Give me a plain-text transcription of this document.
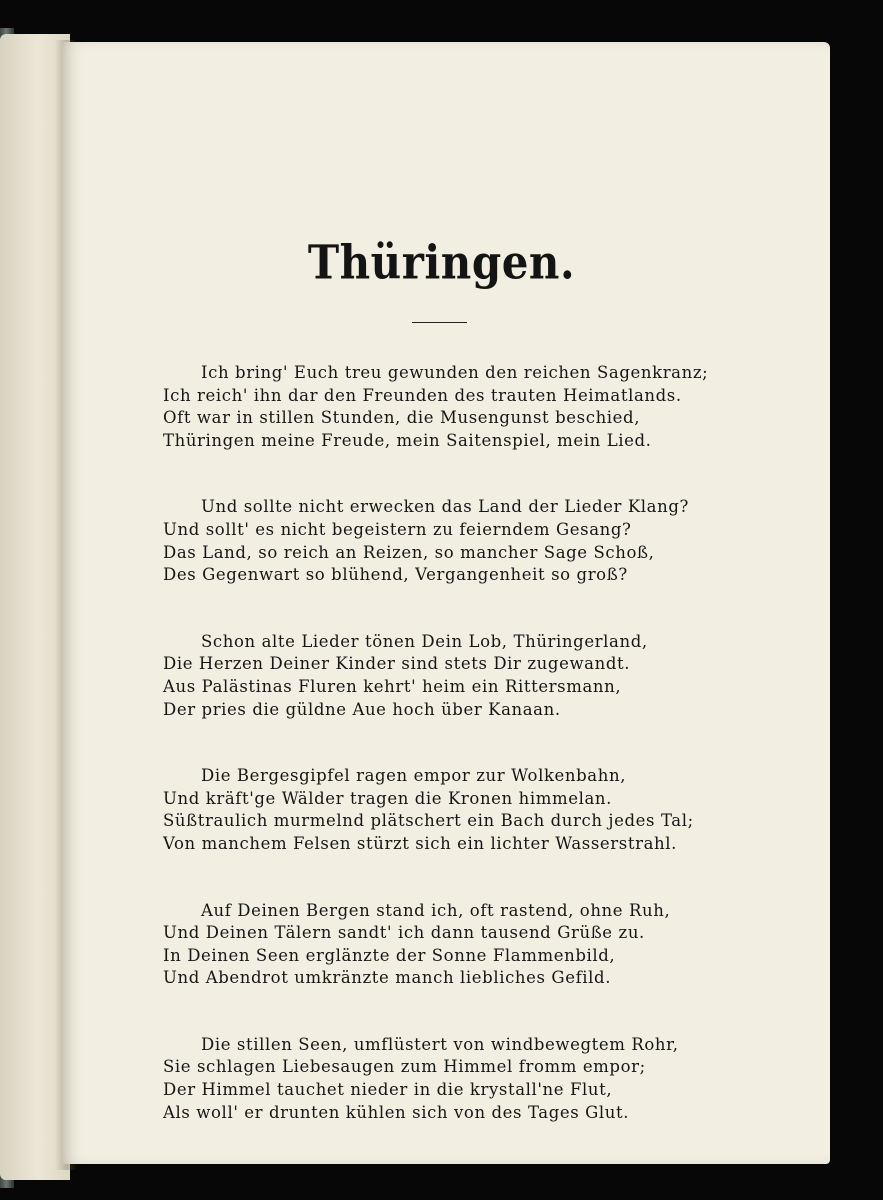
Thüringen.
Ich bring' Euch treu gewunden den reichen Sagenkranz;
Ich reich' ihn dar den Freunden des trauten Heimatlands.
Oft war in stillen Stunden, die Musengunst beschied,
Thüringen meine Freude, mein Saitenspiel, mein Lied.
Und sollte nicht erwecken das Land der Lieder Klang?
Und sollt' es nicht begeistern zu feierndem Gesang?
Das Land, so reich an Reizen, so mancher Sage Schoß,
Des Gegenwart so blühend, Vergangenheit so groß?
Schon alte Lieder tönen Dein Lob, Thüringerland,
Die Herzen Deiner Kinder sind stets Dir zugewandt.
Aus Palästinas Fluren kehrt' heim ein Rittersmann,
Der pries die güldne Aue hoch über Kanaan.
Die Bergesgipfel ragen empor zur Wolkenbahn,
Und kräft'ge Wälder tragen die Kronen himmelan.
Süßtraulich murmelnd plätschert ein Bach durch jedes Tal;
Von manchem Felsen stürzt sich ein lichter Wasserstrahl.
Auf Deinen Bergen stand ich, oft rastend, ohne Ruh,
Und Deinen Tälern sandt' ich dann tausend Grüße zu.
In Deinen Seen erglänzte der Sonne Flammenbild,
Und Abendrot umkränzte manch liebliches Gefild.
Die stillen Seen, umflüstert von windbewegtem Rohr,
Sie schlagen Liebesaugen zum Himmel fromm empor;
Der Himmel tauchet nieder in die krystall'ne Flut,
Als woll' er drunten kühlen sich von des Tages Glut.
